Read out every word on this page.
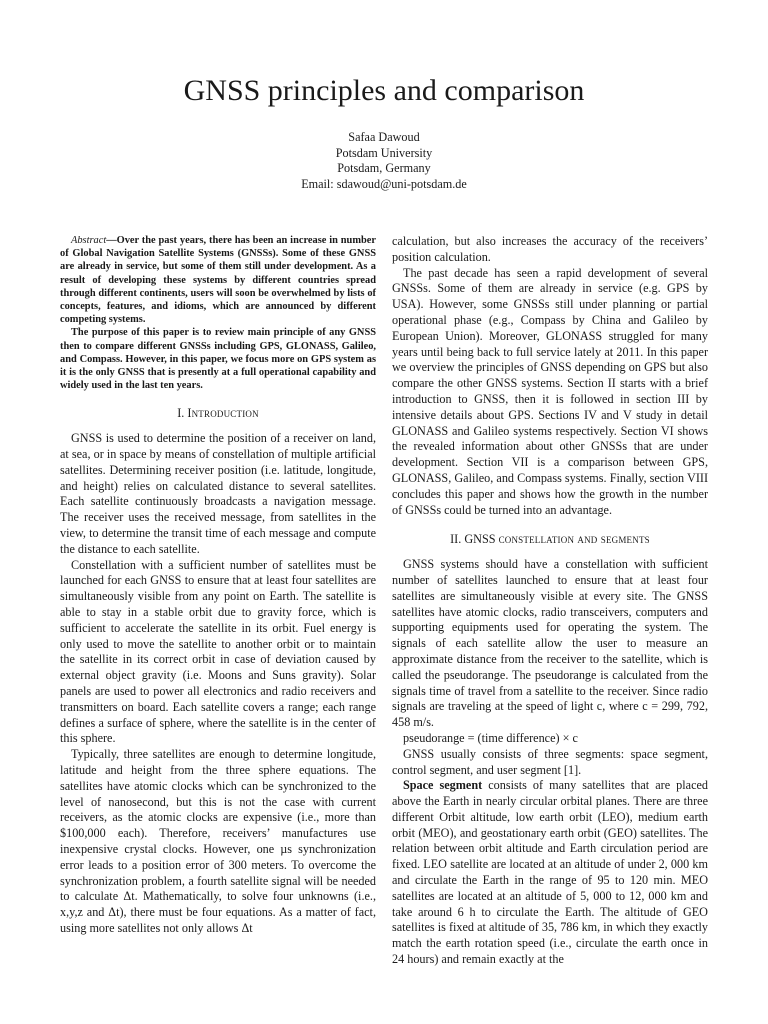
GNSS principles and comparison
Safaa Dawoud
Potsdam University
Potsdam, Germany
Email: sdawoud@uni-potsdam.de

Abstract—Over the past years, there has been an increase in number of Global Navigation Satellite Systems (GNSSs). Some of these GNSS are already in service, but some of them still under development. As a result of developing these systems by different countries spread through different continents, users will soon be overwhelmed by lists of concepts, features, and idioms, which are announced by different competing systems.

The purpose of this paper is to review main principle of any GNSS then to compare different GNSSs including GPS, GLONASS, Galileo, and Compass. However, in this paper, we focus more on GPS system as it is the only GNSS that is presently at a full operational capability and widely used in the last ten years.

I. Introduction

GNSS is used to determine the position of a receiver on land, at sea, or in space by means of constellation of multiple artificial satellites. Determining receiver position (i.e. latitude, longitude, and height) relies on calculated distance to several satellites. Each satellite continuously broadcasts a navigation message. The receiver uses the received message, from satellites in the view, to determine the transit time of each message and compute the distance to each satellite.

Constellation with a sufficient number of satellites must be launched for each GNSS to ensure that at least four satellites are simultaneously visible from any point on Earth. The satellite is able to stay in a stable orbit due to gravity force, which is sufficient to accelerate the satellite in its orbit. Fuel energy is only used to move the satellite to another orbit or to maintain the satellite in its correct orbit in case of deviation caused by external object gravity (i.e. Moons and Suns gravity). Solar panels are used to power all electronics and radio receivers and transmitters on board. Each satellite covers a range; each range defines a surface of sphere, where the satellite is in the center of this sphere.

Typically, three satellites are enough to determine longitude, latitude and height from the three sphere equations. The satellites have atomic clocks which can be synchronized to the level of nanosecond, but this is not the case with current receivers, as the atomic clocks are expensive (i.e., more than $100,000 each). Therefore, receivers’ manufactures use inexpensive crystal clocks. However, one µs synchronization error leads to a position error of 300 meters. To overcome the synchronization problem, a fourth satellite signal will be needed to calculate Δt. Mathematically, to solve four unknowns (i.e., x,y,z and Δt), there must be four equations. As a matter of fact, using more satellites not only allows Δt

calculation, but also increases the accuracy of the receivers’ position calculation.

The past decade has seen a rapid development of several GNSSs. Some of them are already in service (e.g. GPS by USA). However, some GNSSs still under planning or partial operational phase (e.g., Compass by China and Galileo by European Union). Moreover, GLONASS struggled for many years until being back to full service lately at 2011. In this paper we overview the principles of GNSS depending on GPS but also compare the other GNSS systems. Section II starts with a brief introduction to GNSS, then it is followed in section III by intensive details about GPS. Sections IV and V study in detail GLONASS and Galileo systems respectively. Section VI shows the revealed information about other GNSSs that are under development. Section VII is a comparison between GPS, GLONASS, Galileo, and Compass systems. Finally, section VIII concludes this paper and shows how the growth in the number of GNSSs could be turned into an advantage.

II. GNSS constellation and segments

GNSS systems should have a constellation with sufficient number of satellites launched to ensure that at least four satellites are simultaneously visible at every site. The GNSS satellites have atomic clocks, radio transceivers, computers and supporting equipments used for operating the system. The signals of each satellite allow the user to measure an approximate distance from the receiver to the satellite, which is called the pseudorange. The pseudorange is calculated from the signals time of travel from a satellite to the receiver. Since radio signals are traveling at the speed of light c, where c = 299, 792, 458 m/s.

pseudorange = (time difference) × c

GNSS usually consists of three segments: space segment, control segment, and user segment [1].

Space segment consists of many satellites that are placed above the Earth in nearly circular orbital planes. There are three different Orbit altitude, low earth orbit (LEO), medium earth orbit (MEO), and geostationary earth orbit (GEO) satellites. The relation between orbit altitude and Earth circulation period are fixed. LEO satellite are located at an altitude of under 2, 000 km and circulate the Earth in the range of 95 to 120 min. MEO satellites are located at an altitude of 5, 000 to 12, 000 km and take around 6 h to circulate the Earth. The altitude of GEO satellites is fixed at altitude of 35, 786 km, in which they exactly match the earth rotation speed (i.e., circulate the earth once in 24 hours) and remain exactly at the
